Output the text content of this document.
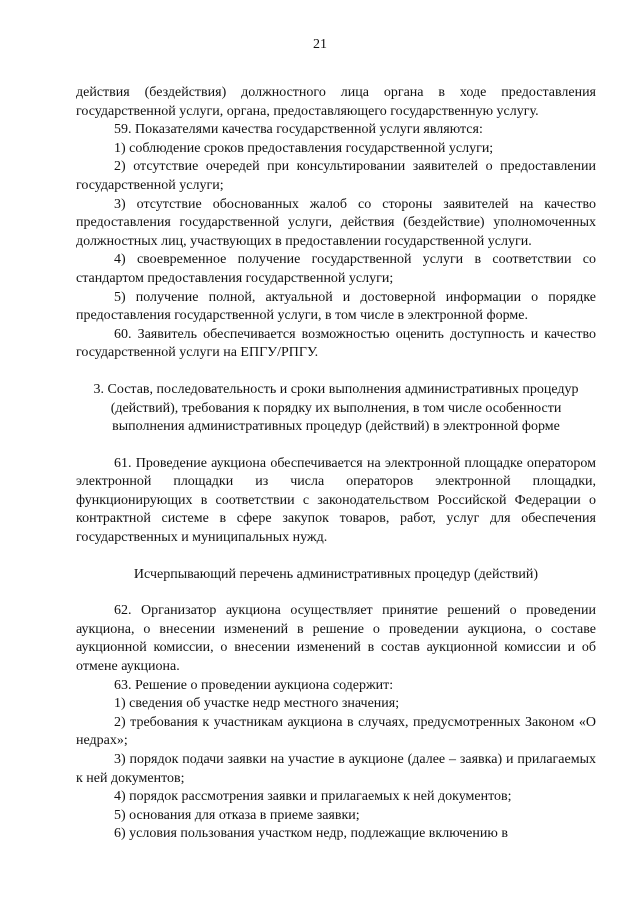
21

действия (бездействия) должностного лица органа в ходе предоставления государственной услуги, органа, предоставляющего государственную услугу.

59. Показателями качества государственной услуги являются:

1) соблюдение сроков предоставления государственной услуги;

2) отсутствие очередей при консультировании заявителей о предоставлении государственной услуги;

3) отсутствие обоснованных жалоб со стороны заявителей на качество предоставления государственной услуги, действия (бездействие) уполномоченных должностных лиц, участвующих в предоставлении государственной услуги.

4) своевременное получение государственной услуги в соответствии со стандартом предоставления государственной услуги;

5) получение полной, актуальной и достоверной информации о порядке предоставления государственной услуги, в том числе в электронной форме.

60. Заявитель обеспечивается возможностью оценить доступность и качество государственной услуги на ЕПГУ/РПГУ.

3. Состав, последовательность и сроки выполнения административных процедур (действий), требования к порядку их выполнения, в том числе особенности выполнения административных процедур (действий) в электронной форме

61. Проведение аукциона обеспечивается на электронной площадке оператором электронной площадки из числа операторов электронной площадки, функционирующих в соответствии с законодательством Российской Федерации о контрактной системе в сфере закупок товаров, работ, услуг для обеспечения государственных и муниципальных нужд.

Исчерпывающий перечень административных процедур (действий)

62. Организатор аукциона осуществляет принятие решений о проведении аукциона, о внесении изменений в решение о проведении аукциона, о составе аукционной комиссии, о внесении изменений в состав аукционной комиссии и об отмене аукциона.

63. Решение о проведении аукциона содержит:

1) сведения об участке недр местного значения;

2) требования к участникам аукциона в случаях, предусмотренных Законом «О недрах»;

3) порядок подачи заявки на участие в аукционе (далее – заявка) и прилагаемых к ней документов;

4) порядок рассмотрения заявки и прилагаемых к ней документов;

5) основания для отказа в приеме заявки;

6) условия пользования участком недр, подлежащие включению в
